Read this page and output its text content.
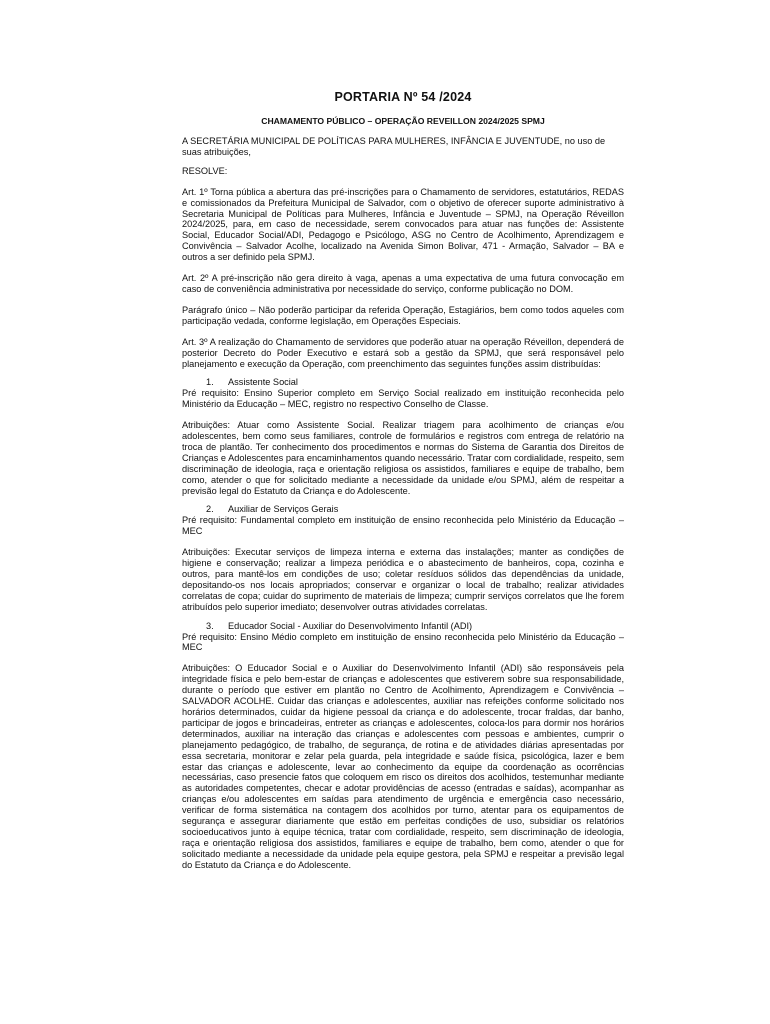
PORTARIA Nº 54 /2024
CHAMAMENTO PÚBLICO – OPERAÇÃO REVEILLON 2024/2025 SPMJ

A SECRETÁRIA MUNICIPAL DE POLÍTICAS PARA MULHERES, INFÂNCIA E JUVENTUDE, no uso de suas atribuições,

RESOLVE:

Art. 1º Torna pública a abertura das pré-inscrições para o Chamamento de servidores, estatutários, REDAS e comissionados da Prefeitura Municipal de Salvador, com o objetivo de oferecer suporte administrativo à Secretaria Municipal de Políticas para Mulheres, Infância e Juventude – SPMJ, na Operação Réveillon 2024/2025, para, em caso de necessidade, serem convocados para atuar nas funções de: Assistente Social, Educador Social/ADI, Pedagogo e Psicólogo, ASG no Centro de Acolhimento, Aprendizagem e Convivência – Salvador Acolhe, localizado na Avenida Simon Bolivar, 471 - Armação, Salvador – BA e outros a ser definido pela SPMJ.

Art. 2º A pré-inscrição não gera direito à vaga, apenas a uma expectativa de uma futura convocação em caso de conveniência administrativa por necessidade do serviço, conforme publicação no DOM.

Parágrafo único – Não poderão participar da referida Operação, Estagiários, bem como todos aqueles com participação vedada, conforme legislação, em Operações Especiais.

Art. 3º A realização do Chamamento de servidores que poderão atuar na operação Réveillon, dependerá de posterior Decreto do Poder Executivo e estará sob a gestão da SPMJ, que será responsável pelo planejamento e execução da Operação, com preenchimento das seguintes funções assim distribuídas:

1. Assistente Social

Pré requisito: Ensino Superior completo em Serviço Social realizado em instituição reconhecida pelo Ministério da Educação – MEC, registro no respectivo Conselho de Classe.

Atribuições: Atuar como Assistente Social. Realizar triagem para acolhimento de crianças e/ou adolescentes, bem como seus familiares, controle de formulários e registros com entrega de relatório na troca de plantão. Ter conhecimento dos procedimentos e normas do Sistema de Garantia dos Direitos de Crianças e Adolescentes para encaminhamentos quando necessário. Tratar com cordialidade, respeito, sem discriminação de ideologia, raça e orientação religiosa os assistidos, familiares e equipe de trabalho, bem como, atender o que for solicitado mediante a necessidade da unidade e/ou SPMJ, além de respeitar a previsão legal do Estatuto da Criança e do Adolescente.

2. Auxiliar de Serviços Gerais

Pré requisito: Fundamental completo em instituição de ensino reconhecida pelo Ministério da Educação – MEC

Atribuições: Executar serviços de limpeza interna e externa das instalações; manter as condições de higiene e conservação; realizar a limpeza periódica e o abastecimento de banheiros, copa, cozinha e outros, para mantê-los em condições de uso; coletar resíduos sólidos das dependências da unidade, depositando-os nos locais apropriados; conservar e organizar o local de trabalho; realizar atividades correlatas de copa; cuidar do suprimento de materiais de limpeza; cumprir serviços correlatos que lhe forem atribuídos pelo superior imediato; desenvolver outras atividades correlatas.

3. Educador Social - Auxiliar do Desenvolvimento Infantil (ADI)

Pré requisito: Ensino Médio completo em instituição de ensino reconhecida pelo Ministério da Educação – MEC

Atribuições: O Educador Social e o Auxiliar do Desenvolvimento Infantil (ADI) são responsáveis pela integridade física e pelo bem-estar de crianças e adolescentes que estiverem sobre sua responsabilidade, durante o período que estiver em plantão no Centro de Acolhimento, Aprendizagem e Convivência – SALVADOR ACOLHE. Cuidar das crianças e adolescentes, auxiliar nas refeições conforme solicitado nos horários determinados, cuidar da higiene pessoal da criança e do adolescente, trocar fraldas, dar banho, participar de jogos e brincadeiras, entreter as crianças e adolescentes, coloca-los para dormir nos horários determinados, auxiliar na interação das crianças e adolescentes com pessoas e ambientes, cumprir o planejamento pedagógico, de trabalho, de segurança, de rotina e de atividades diárias apresentadas por essa secretaria, monitorar e zelar pela guarda, pela integridade e saúde física, psicológica, lazer e bem estar das crianças e adolescente, levar ao conhecimento da equipe da coordenação as ocorrências necessárias, caso presencie fatos que coloquem em risco os direitos dos acolhidos, testemunhar mediante as autoridades competentes, checar e adotar providências de acesso (entradas e saídas), acompanhar as crianças e/ou adolescentes em saídas para atendimento de urgência e emergência caso necessário, verificar de forma sistemática na contagem dos acolhidos por turno, atentar para os equipamentos de segurança e assegurar diariamente que estão em perfeitas condições de uso, subsidiar os relatórios socioeducativos junto à equipe técnica, tratar com cordialidade, respeito, sem discriminação de ideologia, raça e orientação religiosa dos assistidos, familiares e equipe de trabalho, bem como, atender o que for solicitado mediante a necessidade da unidade pela equipe gestora, pela SPMJ e respeitar a previsão legal do Estatuto da Criança e do Adolescente.
